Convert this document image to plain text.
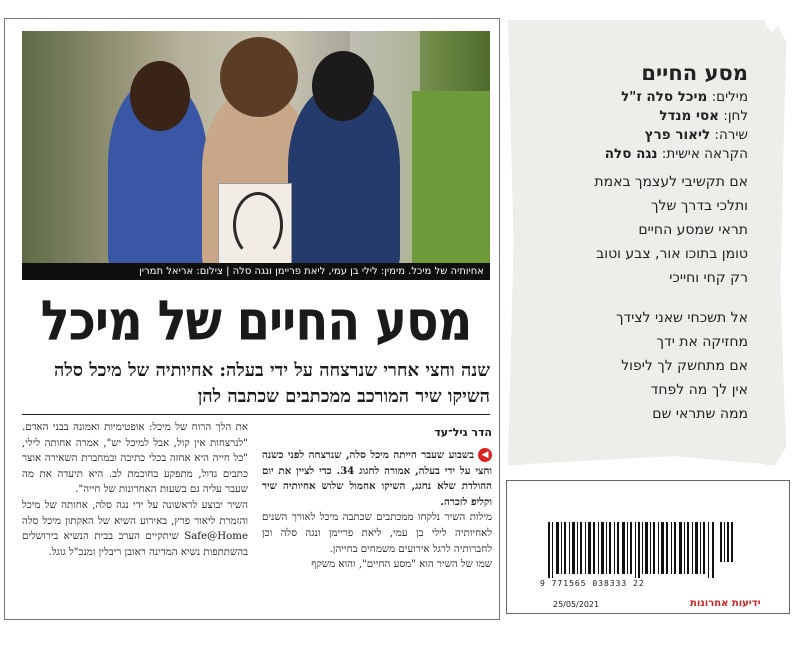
אחיותיה של מיכל. מימין: לילי בן עמי, ליאת פריימן ונגה סלה | צילום: אריאל תמרין
מסע החיים של מיכל
שנה וחצי אחרי שנרצחה על ידי בעלה: אחיותיה של מיכל סלה השיקו שיר המורכב ממכתבים שכתבה להן
הדר גיל־עד

◀בשבוע שעבר הייתה מיכל סלה, שנרצחה לפני כשנה וחצי על ידי בעלה, אמורה לחגוג 34. כדי לציין את יום ההולדת שלא נחגג, השיקו אחמול שלוש אחיותיה שיר וקליפ לזכרה.

מילות השיר נלקחו ממכתבים שכתבה מיכל לאורך השנים לאחיותיה לילי בן עמי, ליאת פריימן ונגה סלה וכן לחברותיה לרגל אירועים משמחים בחייהן.

שמו של השיר הוא "מסע החיים", והוא משקף

את הלך הרוח של מיכל: אופטימיות ואמונה בבני האדם. "לנרצחות אין קול, אבל למיכל יש", אמרה אחותה לילי, "כל חייה היא אחזה בכלי כתיבה ובמחברת השאירה אוצר כתבים גדול, מתפקע בחוכמת לב. היא תיעדה את מה שעבר עליה גם בשעות האחרונות של חייה".

השיר יבוצע לראשונה על ידי נגה סלה, אחותה של מיכל והזמרת ליאור פרץ, באירוע השיא של האקתון מיכל סלה Safe@Home שיתקיים הערב בבית הנשיא בירושלים בהשתתפות נשיא המדינה ראובן ריבלין ומנכ"ל גוגל.

מסע החיים
מילים: מיכל סלה ז"ל
לחן: אסי מנדל
שירה: ליאור פרץ
הקראה אישית: נגה סלה
אם תקשיבי לעצמך באמת
ותלכי בדרך שלך
תראי שמסע החיים
טומן בתוכו אור, צבע וטוב
רק קחי וחייכי
אל תשכחי שאני לצידך
מחזיקה את ידך
אם מתחשק לך ליפול
אין לך מה לפחד
ממה שתראי שם
9 771565 038333 22
25/05/2021	ידיעות אחרונות
